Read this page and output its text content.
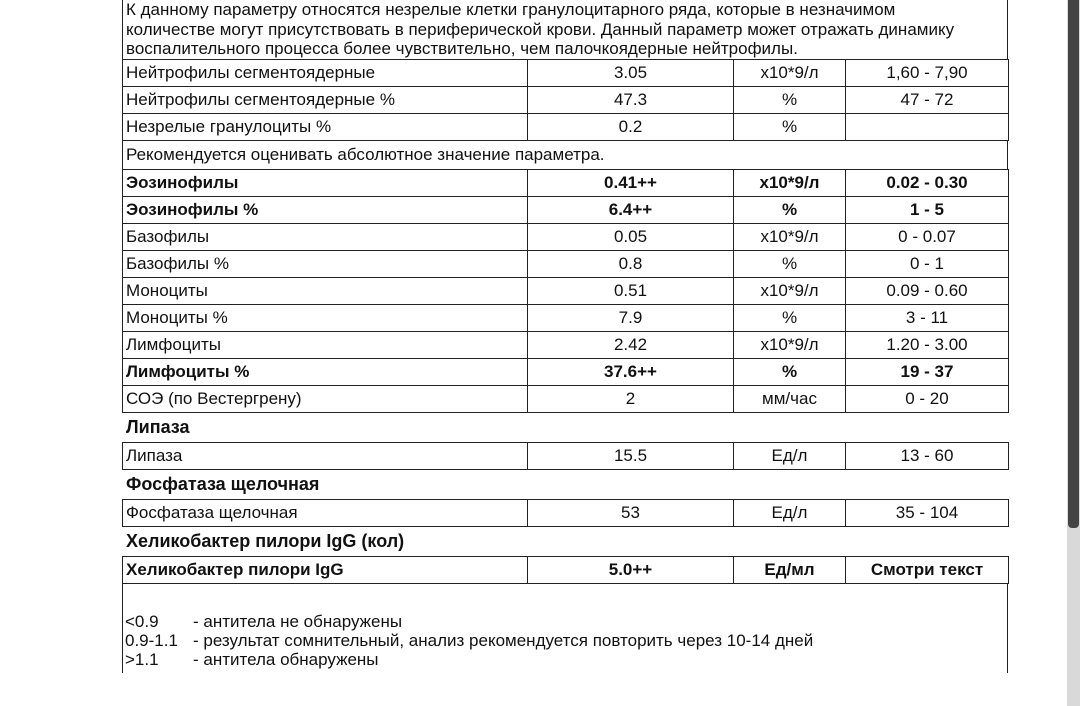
К данному параметру относятся незрелые клетки гранулоцитарного ряда, которые в незначимом
количестве могут присутствовать в периферической крови. Данный параметр может отражать динамику
воспалительного процесса более чувствительно, чем палочкоядерные нейтрофилы.
Нейтрофилы сегментоядерные	3.05	x10*9/л	1,60 - 7,90
Нейтрофилы сегментоядерные %	47.3	%	47 - 72
Незрелые гранулоциты %	0.2	%	
Рекомендуется оценивать абсолютное значение параметра.
Эозинофилы	0.41++	x10*9/л	0.02 - 0.30
Эозинофилы %	6.4++	%	1 - 5
Базофилы	0.05	x10*9/л	0 - 0.07
Базофилы %	0.8	%	0 - 1
Моноциты	0.51	x10*9/л	0.09 - 0.60
Моноциты %	7.9	%	3 - 11
Лимфоциты	2.42	x10*9/л	1.20 - 3.00
Лимфоциты %	37.6++	%	19 - 37
СОЭ (по Вестергрену)	2	мм/час	0 - 20
Липаза
Липаза	15.5	Ед/л	13 - 60
Фосфатаза щелочная
Фосфатаза щелочная	53	Ед/л	35 - 104
Хеликобактер пилори IgG (кол)
Хеликобактер пилори IgG	5.0++	Ед/мл	Смотри текст
<0.9	- антитела не обнаружены
0.9-1.1 - результат сомнительный, анализ рекомендуется повторить через 10-14 дней
>1.1	- антитела обнаружены
